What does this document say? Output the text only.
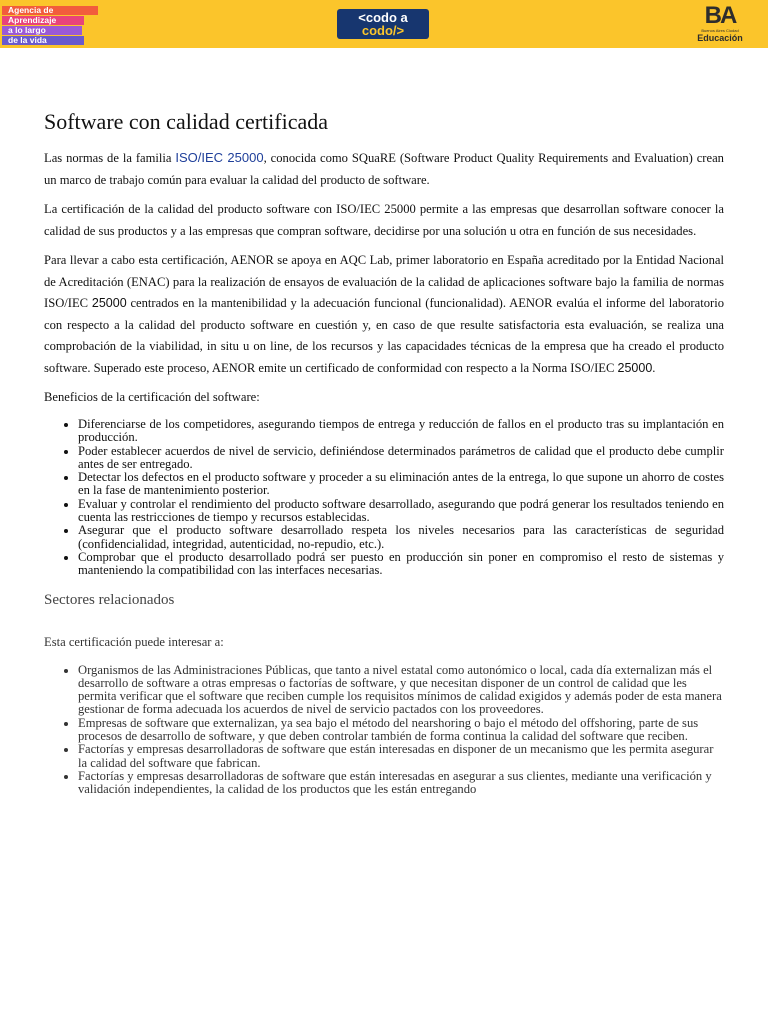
Agencia de
Aprendizaje
a lo largo
de la vida
<codo a
codo/>
BA
Buenos Aires Ciudad
Educación
Software con calidad certificada

Las normas de la familia ISO/IEC 25000, conocida como SQuaRE (Software Product Quality Requirements and Evaluation) crean un marco de trabajo común para evaluar la calidad del producto de software.

La certificación de la calidad del producto software con ISO/IEC 25000 permite a las empresas que desarrollan software conocer la calidad de sus productos y a las empresas que compran software, decidirse por una solución u otra en función de sus necesidades.

Para llevar a cabo esta certificación, AENOR se apoya en AQC Lab, primer laboratorio en España acreditado por la Entidad Nacional de Acreditación (ENAC) para la realización de ensayos de evaluación de la calidad de aplicaciones software bajo la familia de normas ISO/IEC 25000 centrados en la mantenibilidad y la adecuación funcional (funcionalidad). AENOR evalúa el informe del laboratorio con respecto a la calidad del producto software en cuestión y, en caso de que resulte satisfactoria esta evaluación, se realiza una comprobación de la viabilidad, in situ u on line, de los recursos y las capacidades técnicas de la empresa que ha creado el producto software. Superado este proceso, AENOR emite un certificado de conformidad con respecto a la Norma ISO/IEC 25000.

Beneficios de la certificación del software:

• Diferenciarse de los competidores, asegurando tiempos de entrega y reducción de fallos en el producto tras su implantación en producción.
• Poder establecer acuerdos de nivel de servicio, definiéndose determinados parámetros de calidad que el producto debe cumplir antes de ser entregado.
• Detectar los defectos en el producto software y proceder a su eliminación antes de la entrega, lo que supone un ahorro de costes en la fase de mantenimiento posterior.
• Evaluar y controlar el rendimiento del producto software desarrollado, asegurando que podrá generar los resultados teniendo en cuenta las restricciones de tiempo y recursos establecidas.
• Asegurar que el producto software desarrollado respeta los niveles necesarios para las características de seguridad (confidencialidad, integridad, autenticidad, no-repudio, etc.).
• Comprobar que el producto desarrollado podrá ser puesto en producción sin poner en compromiso el resto de sistemas y manteniendo la compatibilidad con las interfaces necesarias.
Sectores relacionados

Esta certificación puede interesar a:

• Organismos de las Administraciones Públicas, que tanto a nivel estatal como autonómico o local, cada día externalizan más el desarrollo de software a otras empresas o factorías de software, y que necesitan disponer de un control de calidad que les permita verificar que el software que reciben cumple los requisitos mínimos de calidad exigidos y además poder de esta manera gestionar de forma adecuada los acuerdos de nivel de servicio pactados con los proveedores.
• Empresas de software que externalizan, ya sea bajo el método del nearshoring o bajo el método del offshoring, parte de sus procesos de desarrollo de software, y que deben controlar también de forma continua la calidad del software que reciben.
• Factorías y empresas desarrolladoras de software que están interesadas en disponer de un mecanismo que les permita asegurar la calidad del software que fabrican.
• Factorías y empresas desarrolladoras de software que están interesadas en asegurar a sus clientes, mediante una verificación y validación independientes, la calidad de los productos que les están entregando
